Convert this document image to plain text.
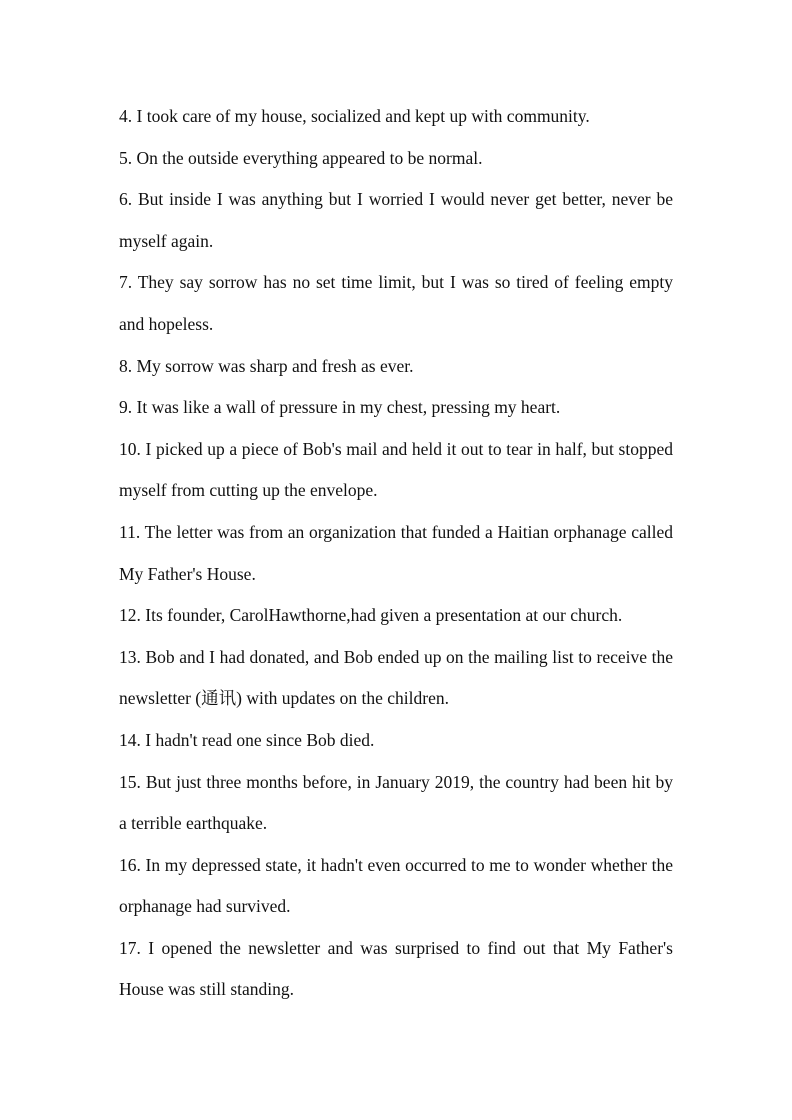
4. I took care of my house, socialized and kept up with community.

5. On the outside everything appeared to be normal.

6. But inside I was anything but I worried I would never get better, never be myself again.

7. They say sorrow has no set time limit, but I was so tired of feeling empty and hopeless.

8. My sorrow was sharp and fresh as ever.

9. It was like a wall of pressure in my chest, pressing my heart.

10. I picked up a piece of Bob's mail and held it out to tear in half, but stopped myself from cutting up the envelope.

11. The letter was from an organization that funded a Haitian orphanage called My Father's House.

12. Its founder, CarolHawthorne,had given a presentation at our church.

13. Bob and I had donated, and Bob ended up on the mailing list to receive the newsletter (通讯) with updates on the children.

14. I hadn't read one since Bob died.

15. But just three months before, in January 2019, the country had been hit by a terrible earthquake.

16. In my depressed state, it hadn't even occurred to me to wonder whether the orphanage had survived.

17. I opened the newsletter and was surprised to find out that My Father's House was still standing.
